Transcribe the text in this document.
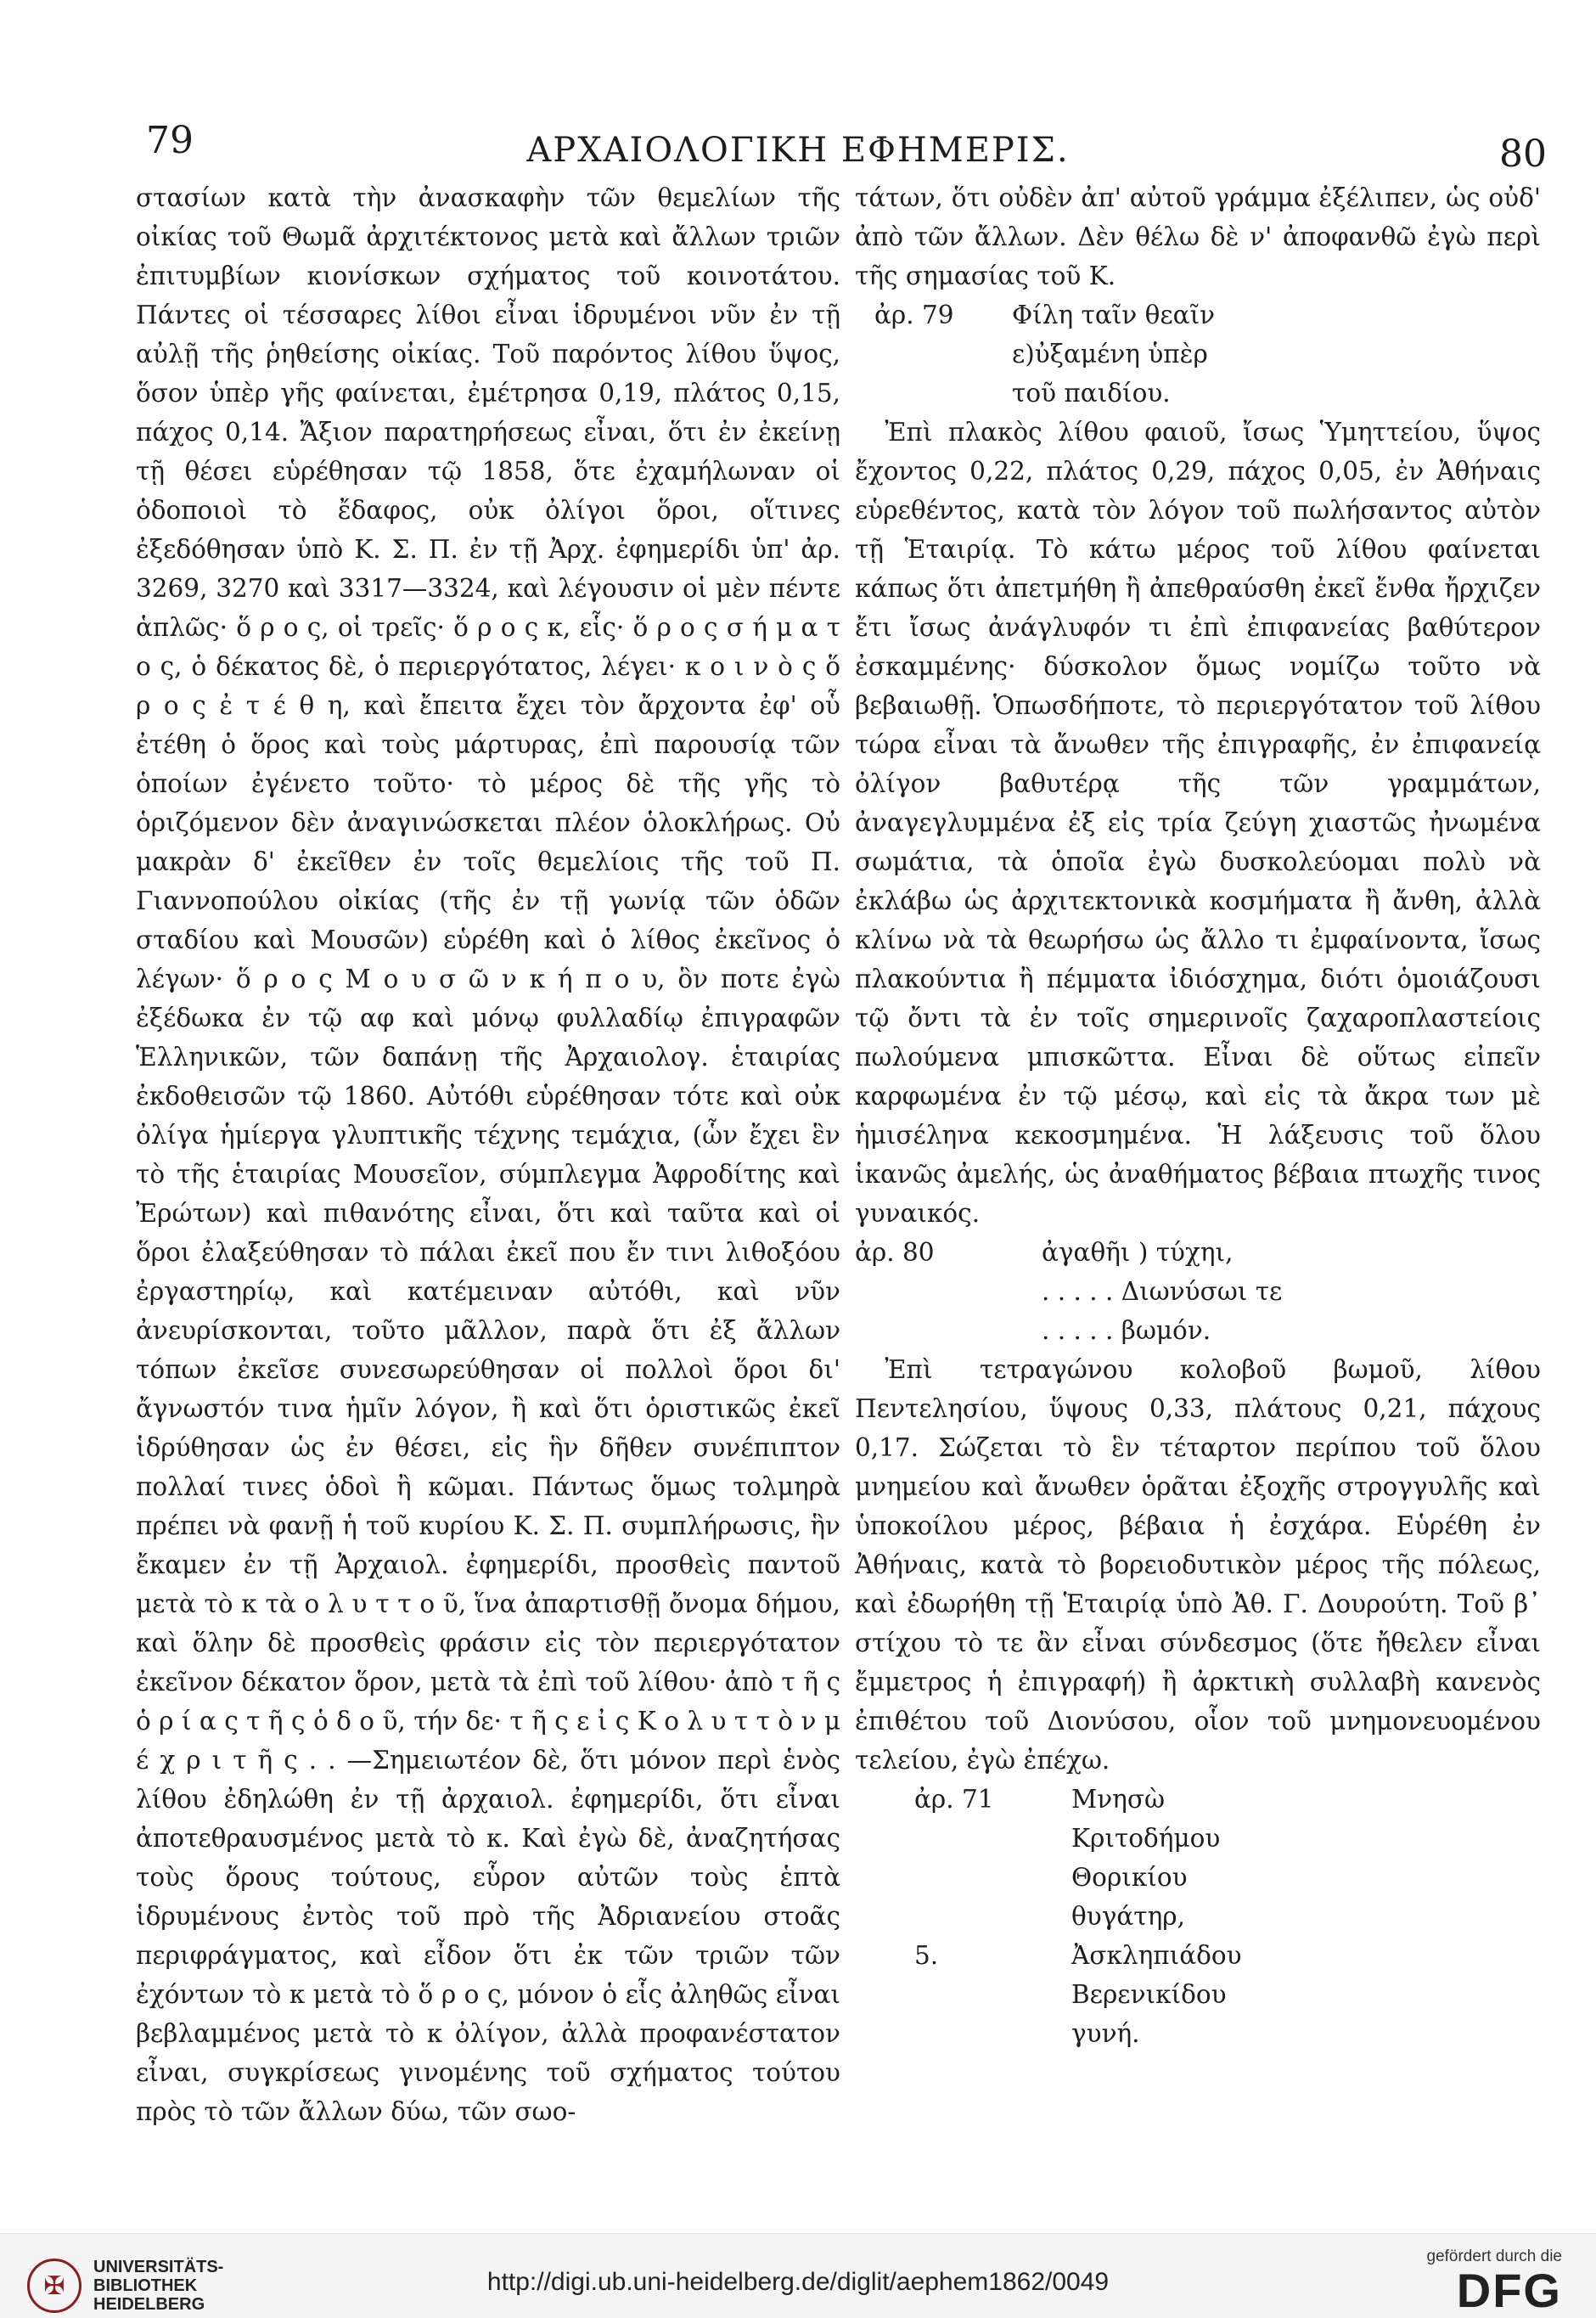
79	ΑΡΧΑΙΟΛΟΓΙΚΗ ΕΦΗΜΕΡΙΣ.	80

στασίων κατὰ τὴν ἀνασκαφὴν τῶν θεμελίων τῆς οἰκίας τοῦ Θωμᾶ ἀρχιτέκτονος μετὰ καὶ ἄλλων τριῶν ἐπιτυμβίων κιονίσκων σχήματος τοῦ κοινοτάτου. Πάντες οἱ τέσσαρες λίθοι εἶναι ἱδρυμένοι νῦν ἐν τῇ αὐλῇ τῆς ῥηθείσης οἰκίας. Τοῦ παρόντος λίθου ὕψος, ὅσον ὑπὲρ γῆς φαίνεται, ἐμέτρησα 0,19, πλάτος 0,15, πάχος 0,14. Ἄξιον παρατηρήσεως εἶναι, ὅτι ἐν ἐκείνῃ τῇ θέσει εὑρέθησαν τῷ 1858, ὅτε ἐχαμήλωναν οἱ ὁδοποιοὶ τὸ ἔδαφος, οὐκ ὀλίγοι ὅροι, οἵτινες ἐξεδόθησαν ὑπὸ Κ. Σ. Π. ἐν τῇ Ἀρχ. ἐφημερίδι ὑπ' ἀρ. 3269, 3270 καὶ 3317—3324, καὶ λέγουσιν οἱ μὲν πέντε ἁπλῶς· ὅ ρ ο ς, οἱ τρεῖς· ὅ ρ ο ς κ, εἷς· ὅ ρ ο ς σ ή μ α τ ο ς, ὁ δέκατος δὲ, ὁ περιεργότατος, λέγει· κ ο ι ν ὸ ς ὅ ρ ο ς ἐ τ έ θ η, καὶ ἔπειτα ἔχει τὸν ἄρχοντα ἐφ' οὗ ἐτέθη ὁ ὅρος καὶ τοὺς μάρτυρας, ἐπὶ παρουσίᾳ τῶν ὁποίων ἐγένετο τοῦτο· τὸ μέρος δὲ τῆς γῆς τὸ ὁριζόμενον δὲν ἀναγινώσκεται πλέον ὁλοκλήρως. Οὐ μακρὰν δ' ἐκεῖθεν ἐν τοῖς θεμελίοις τῆς τοῦ Π. Γιαννοπούλου οἰκίας (τῆς ἐν τῇ γωνίᾳ τῶν ὁδῶν σταδίου καὶ Μουσῶν) εὑρέθη καὶ ὁ λίθος ἐκεῖνος ὁ λέγων· ὅ ρ ο ς Μ ο υ σ ῶ ν κ ή π ο υ, ὃν ποτε ἐγὼ ἐξέδωκα ἐν τῷ αφ καὶ μόνῳ φυλλαδίῳ ἐπιγραφῶν Ἑλληνικῶν, τῶν δαπάνῃ τῆς Ἀρχαιολογ. ἑταιρίας ἐκδοθεισῶν τῷ 1860. Αὐτόθι εὑρέθησαν τότε καὶ οὐκ ὀλίγα ἡμίεργα γλυπτικῆς τέχνης τεμάχια, (ὧν ἔχει ἓν τὸ τῆς ἑταιρίας Μουσεῖον, σύμπλεγμα Ἀφροδίτης καὶ Ἐρώτων) καὶ πιθανότης εἶναι, ὅτι καὶ ταῦτα καὶ οἱ ὅροι ἐλαξεύθησαν τὸ πάλαι ἐκεῖ που ἔν τινι λιθοξόου ἐργαστηρίῳ, καὶ κατέμειναν αὐτόθι, καὶ νῦν ἀνευρίσκονται, τοῦτο μᾶλλον, παρὰ ὅτι ἐξ ἄλλων τόπων ἐκεῖσε συνεσωρεύθησαν οἱ πολλοὶ ὅροι δι' ἄγνωστόν τινα ἡμῖν λόγον, ἢ καὶ ὅτι ὁριστικῶς ἐκεῖ ἱδρύθησαν ὡς ἐν θέσει, εἰς ἣν δῆθεν συνέπιπτον πολλαί τινες ὁδοὶ ἢ κῶμαι. Πάντως ὅμως τολμηρὰ πρέπει νὰ φανῇ ἡ τοῦ κυρίου Κ. Σ. Π. συμπλήρωσις, ἣν ἔκαμεν ἐν τῇ Ἀρχαιολ. ἐφημερίδι, προσθεὶς παντοῦ μετὰ τὸ κ τὰ ο λ υ τ τ ο ῦ, ἵνα ἀπαρτισθῇ ὄνομα δήμου, καὶ ὅλην δὲ προσθεὶς φράσιν εἰς τὸν περιεργότατον ἐκεῖνον δέκατον ὅρον, μετὰ τὰ ἐπὶ τοῦ λίθου· ἀπὸ τ ῆ ς ὁ ρ ί α ς τ ῆ ς ὁ δ ο ῦ, τήν δε· τ ῆ ς ε ἰ ς Κ ο λ υ τ τ ὸ ν μ έ χ ρ ι τ ῆ ς . . —Σημειωτέον δὲ, ὅτι μόνον περὶ ἑνὸς λίθου ἐδηλώθη ἐν τῇ ἀρχαιολ. ἐφημερίδι, ὅτι εἶναι ἀποτεθραυσμένος μετὰ τὸ κ. Καὶ ἐγὼ δὲ, ἀναζητήσας τοὺς ὅρους τούτους, εὗρον αὐτῶν τοὺς ἑπτὰ ἱδρυμένους ἐντὸς τοῦ πρὸ τῆς Ἀδριανείου στοᾶς περιφράγματος, καὶ εἶδον ὅτι ἐκ τῶν τριῶν τῶν ἐχόντων τὸ κ μετὰ τὸ ὅ ρ ο ς, μόνον ὁ εἷς ἀληθῶς εἶναι βεβλαμμένος μετὰ τὸ κ ὀλίγον, ἀλλὰ προφανέστατον εἶναι, συγκρίσεως γινομένης τοῦ σχήματος τούτου πρὸς τὸ τῶν ἄλλων δύω, τῶν σωο-

τάτων, ὅτι οὐδὲν ἀπ' αὐτοῦ γράμμα ἐξέλιπεν, ὡς οὐδ' ἀπὸ τῶν ἄλλων. Δὲν θέλω δὲ ν' ἀποφανθῶ ἐγὼ περὶ τῆς σημασίας τοῦ Κ.

ἀρ. 79	Φίλη ταῖν θεαῖν
ε)ὐξαμένη ὑπὲρ
τοῦ παιδίου.

Ἐπὶ πλακὸς λίθου φαιοῦ, ἴσως Ὑμηττείου, ὕψος ἔχοντος 0,22, πλάτος 0,29, πάχος 0,05, ἐν Ἀθήναις εὑρεθέντος, κατὰ τὸν λόγον τοῦ πωλήσαντος αὐτὸν τῇ Ἑταιρίᾳ. Τὸ κάτω μέρος τοῦ λίθου φαίνεται κάπως ὅτι ἀπετμήθη ἢ ἀπεθραύσθη ἐκεῖ ἔνθα ἤρχιζεν ἔτι ἴσως ἀνάγλυφόν τι ἐπὶ ἐπιφανείας βαθύτερον ἐσκαμμένης· δύσκολον ὅμως νομίζω τοῦτο νὰ βεβαιωθῇ. Ὁπωσδήποτε, τὸ περιεργότατον τοῦ λίθου τώρα εἶναι τὰ ἄνωθεν τῆς ἐπιγραφῆς, ἐν ἐπιφανείᾳ ὀλίγον βαθυτέρᾳ τῆς τῶν γραμμάτων, ἀναγεγλυμμένα ἐξ εἰς τρία ζεύγη χιαστῶς ἠνωμένα σωμάτια, τὰ ὁποῖα ἐγὼ δυσκολεύομαι πολὺ νὰ ἐκλάβω ὡς ἀρχιτεκτονικὰ κοσμήματα ἢ ἄνθη, ἀλλὰ κλίνω νὰ τὰ θεωρήσω ὡς ἄλλο τι ἐμφαίνοντα, ἴσως πλακούντια ἢ πέμματα ἰδιόσχημα, διότι ὁμοιάζουσι τῷ ὄντι τὰ ἐν τοῖς σημερινοῖς ζαχαροπλαστείοις πωλούμενα μπισκῶττα. Εἶναι δὲ οὕτως εἰπεῖν καρφωμένα ἐν τῷ μέσῳ, καὶ εἰς τὰ ἄκρα των μὲ ἡμισέληνα κεκοσμημένα. Ἡ λάξευσις τοῦ ὅλου ἱκανῶς ἀμελής, ὡς ἀναθήματος βέβαια πτωχῆς τινος γυναικός.

ἀρ. 80	ἀγαθῆι ) τύχηι,
. . . . . Διωνύσωι τε
. . . . . βωμόν.

Ἐπὶ τετραγώνου κολοβοῦ βωμοῦ, λίθου Πεντελησίου, ὕψους 0,33, πλάτους 0,21, πάχους 0,17. Σώζεται τὸ ἓν τέταρτον περίπου τοῦ ὅλου μνημείου καὶ ἄνωθεν ὁρᾶται ἐξοχῆς στρογγυλῆς καὶ ὑποκοίλου μέρος, βέβαια ἡ ἐσχάρα. Εὑρέθη ἐν Ἀθήναις, κατὰ τὸ βορειοδυτικὸν μέρος τῆς πόλεως, καὶ ἐδωρήθη τῇ Ἑταιρίᾳ ὑπὸ Ἀθ. Γ. Δουρούτη. Τοῦ β᾽ στίχου τὸ τε ἂν εἶναι σύνδεσμος (ὅτε ἤθελεν εἶναι ἔμμετρος ἡ ἐπιγραφή) ἢ ἀρκτικὴ συλλαβὴ κανενὸς ἐπιθέτου τοῦ Διονύσου, οἷον τοῦ μνημονευομένου τελείου, ἐγὼ ἐπέχω.

ἀρ. 71	Μνησὼ
Κριτοδήμου
Θορικίου
θυγάτηρ,
5.	Ἀσκληπιάδου
Βερενικίδου
γυνή.
✠
UNIVERSITÄTS-
BIBLIOTHEK
HEIDELBERG
http://digi.ub.uni-heidelberg.de/diglit/aephem1862/0049
gefördert durch die
DFG
